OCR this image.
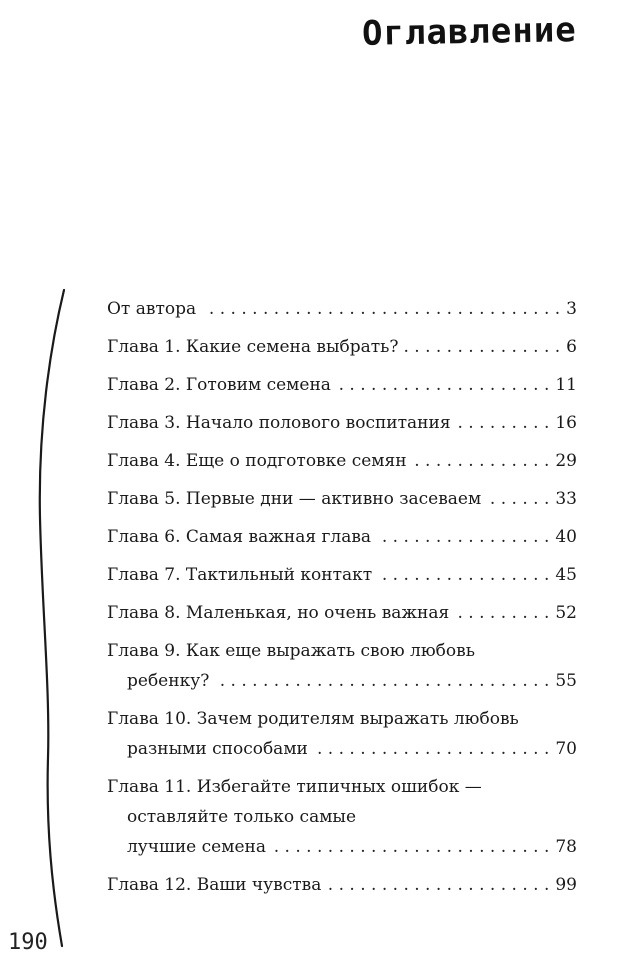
Оглавление
От автора . . .	3
Глава 1. Какие семена выбрать? . . .	6
Глава 2. Готовим семена . . .	11
Глава 3. Начало полового воспитания . . .	16
Глава 4. Еще о подготовке семян . . .	29
Глава 5. Первые дни — активно засеваем . . .	33
Глава 6. Самая важная глава . . .	40
Глава 7. Тактильный контакт . . .	45
Глава 8. Маленькая, но очень важная . . .	52
Глава 9. Как еще выражать свою любовь
ребенку? . . .	55
Глава 10. Зачем родителям выражать любовь
разными способами . . .	70
Глава 11. Избегайте типичных ошибок —
оставляйте только самые
лучшие семена . . .	78
Глава 12. Ваши чувства . . .	99
190
